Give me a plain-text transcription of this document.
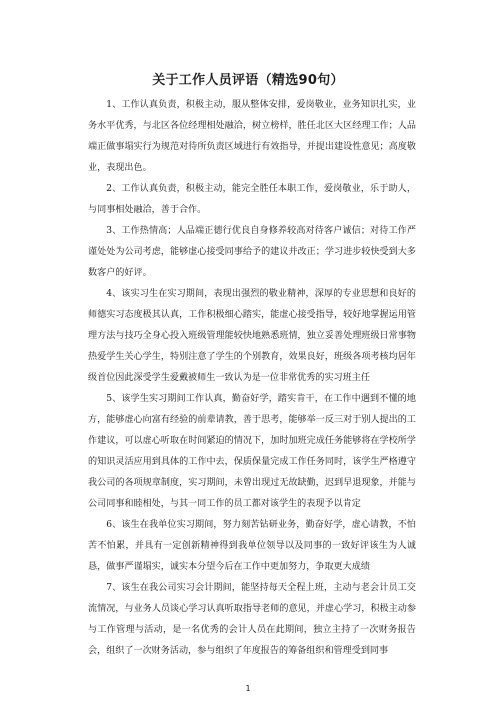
关于工作人员评语（精选90句）

1、工作认真负责，积极主动，服从整体安排，爱岗敬业，业务知识扎实，业务水平优秀，与北区各位经理相处融洽，树立榜样，胜任北区大区经理工作；人品端正做事塌实行为规范对待所负责区域进行有效指导，并提出建设性意见；高度敬业，表现出色。

2、工作认真负责，积极主动，能完全胜任本职工作，爱岗敬业，乐于助人，与同事相处融洽，善于合作。

3、工作热情高；人品端正德行优良自身修养较高对待客户诚信；对待工作严谨处处为公司考虑，能够虚心接受同事给予的建议并改正；学习进步较快受到大多数客户的好评。

4、该实习生在实习期间，表现出强烈的敬业精神，深厚的专业思想和良好的师德实习态度极其认真，工作积极细心踏实，能虚心接受指导，较好地掌握运用管理方法与技巧全身心投入班级管理能较快地熟悉班情，独立妥善处理班级日常事物热爱学生关心学生，特别注意了学生的个别教育，效果良好，班级各项考核均居年级首位因此深受学生爱戴被师生一致认为是一位非常优秀的实习班主任

5、该学生实习期间工作认真，勤奋好学，踏实肯干，在工作中遇到不懂的地方，能够虚心向富有经验的前辈请教，善于思考，能够举一反三对于别人提出的工作建议，可以虚心听取在时间紧迫的情况下，加时加班完成任务能够将在学校所学的知识灵活应用到具体的工作中去，保质保量完成工作任务同时，该学生严格遵守我公司的各项规章制度，实习期间，未曾出现过无故缺勤，迟到早退现象，并能与公司同事和睦相处，与其一同工作的员工都对该学生的表现予以肯定

6、该生在我单位实习期间，努力刻苦钻研业务，勤奋好学，虚心请教，不怕苦不怕累，并具有一定创新精神得到我单位领导以及同事的一致好评该生为人诚恳，做事严谨塌实，诚实本分望今后在工作中更加努力，争取更大成绩

7、该生在我公司实习会计期间，能坚持每天全程上班，主动与老会计员工交流情况，与业务人员谈心学习认真听取指导老师的意见，并虚心学习，积极主动参与工作管理与活动，是一名优秀的会计人员在此期间，独立主持了一次财务报告会，组织了一次财务活动，参与组织了年度报告的筹备组织和管理受到同事

1
